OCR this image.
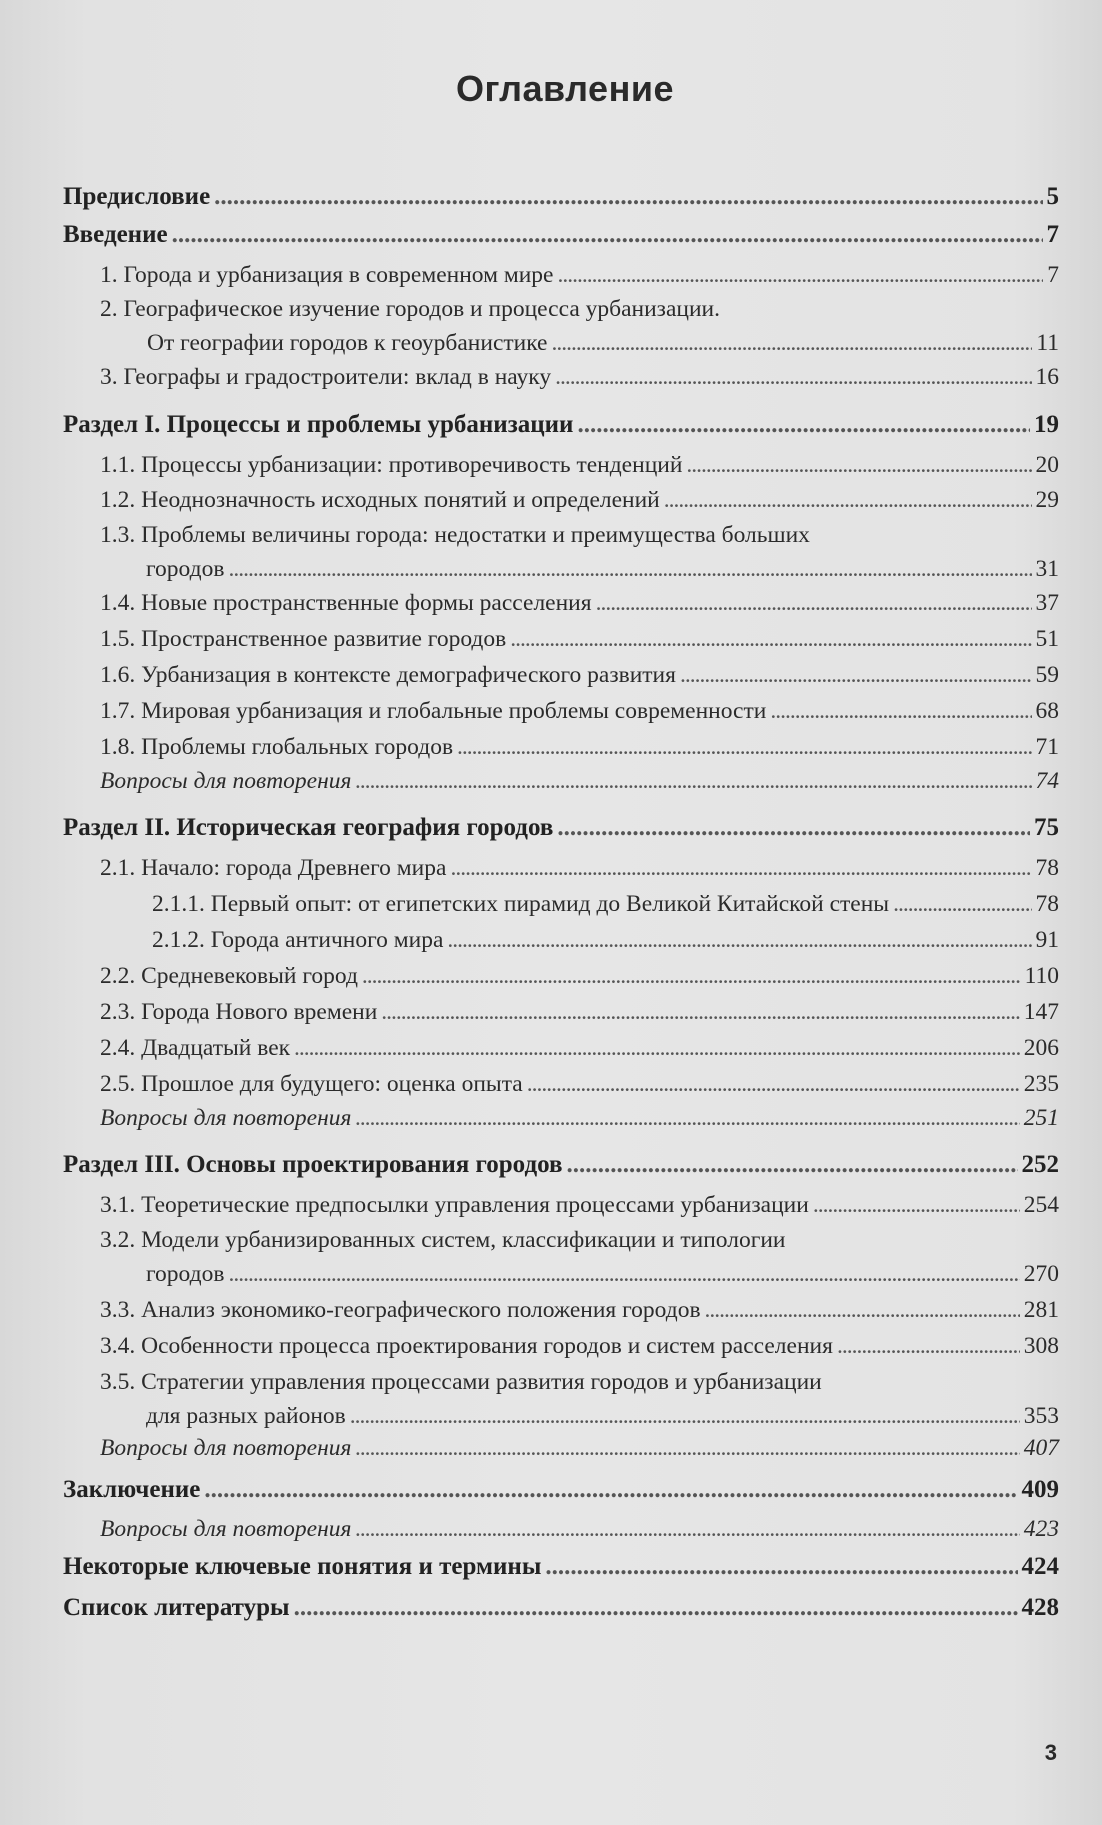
Оглавление
Предисловие .....	5
Введение .....	7
1. Города и урбанизация в современном мире .....	7
2. Географическое изучение городов и процесса урбанизации.
От географии городов к геоурбанистике .....	11
3. Географы и градостроители: вклад в науку .....	16
Раздел I. Процессы и проблемы урбанизации .....	19
1.1. Процессы урбанизации: противоречивость тенденций .....	20
1.2. Неоднозначность исходных понятий и определений .....	29
1.3. Проблемы величины города: недостатки и преимущества больших
городов .....	31
1.4. Новые пространственные формы расселения .....	37
1.5. Пространственное развитие городов .....	51
1.6. Урбанизация в контексте демографического развития .....	59
1.7. Мировая урбанизация и глобальные проблемы современности .....	68
1.8. Проблемы глобальных городов .....	71
Вопросы для повторения .....	74
Раздел II. Историческая география городов .....	75
2.1. Начало: города Древнего мира .....	78
2.1.1. Первый опыт: от египетских пирамид до Великой Китайской стены .....	78
2.1.2. Города античного мира .....	91
2.2. Средневековый город .....	110
2.3. Города Нового времени .....	147
2.4. Двадцатый век .....	206
2.5. Прошлое для будущего: оценка опыта .....	235
Вопросы для повторения .....	251
Раздел III. Основы проектирования городов .....	252
3.1. Теоретические предпосылки управления процессами урбанизации .....	254
3.2. Модели урбанизированных систем, классификации и типологии
городов .....	270
3.3. Анализ экономико-географического положения городов .....	281
3.4. Особенности процесса проектирования городов и систем расселения .....	308
3.5. Стратегии управления процессами развития городов и урбанизации
для разных районов .....	353
Вопросы для повторения .....	407
Заключение .....	409
Вопросы для повторения .....	423
Некоторые ключевые понятия и термины .....	424
Список литературы .....	428
3
